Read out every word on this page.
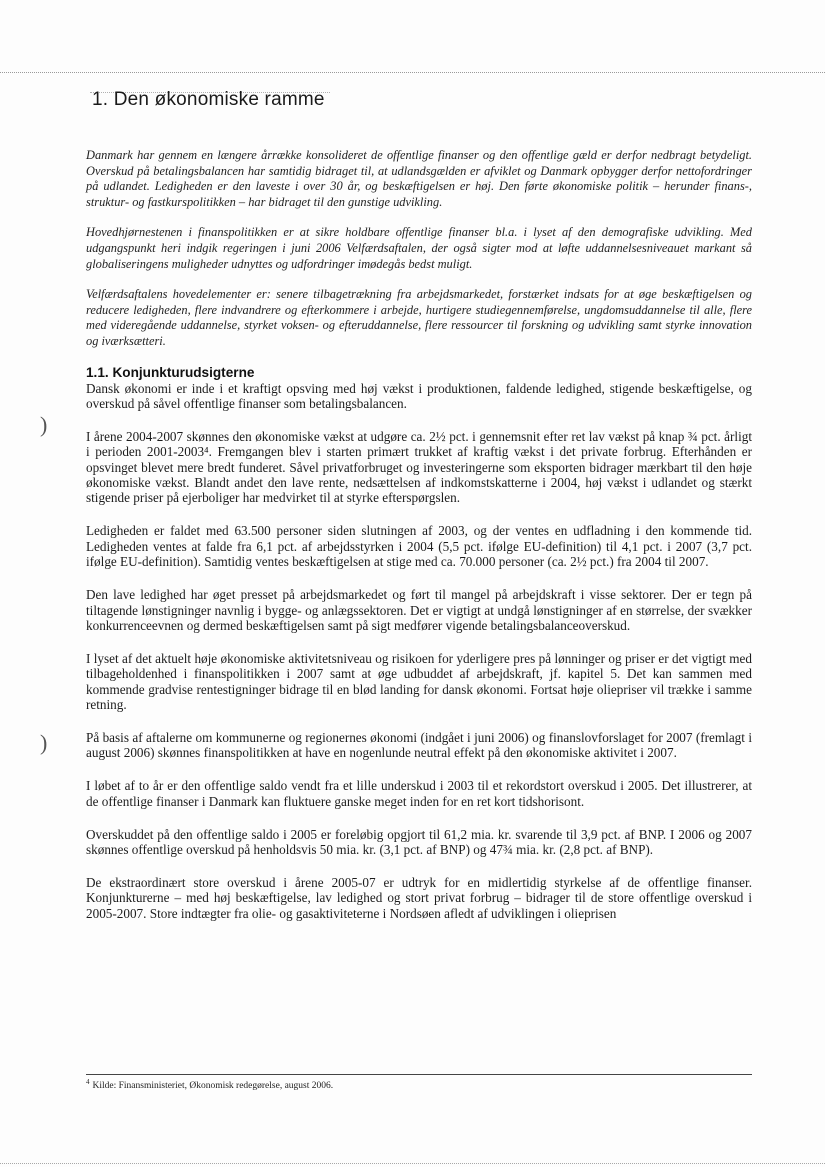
1. Den økonomiske ramme

Danmark har gennem en længere årrække konsolideret de offentlige finanser og den offentlige gæld er derfor nedbragt betydeligt. Overskud på betalingsbalancen har samtidig bidraget til, at udlandsgælden er afviklet og Danmark opbygger derfor nettofordringer på udlandet. Ledigheden er den laveste i over 30 år, og beskæftigelsen er høj. Den førte økonomiske politik – herunder finans-, struktur- og fastkurspolitikken – har bidraget til den gunstige udvikling.

Hovedhjørnestenen i finanspolitikken er at sikre holdbare offentlige finanser bl.a. i lyset af den demografiske udvikling. Med udgangspunkt heri indgik regeringen i juni 2006 Velfærdsaftalen, der også sigter mod at løfte uddannelsesniveauet markant så globaliseringens muligheder udnyttes og udfordringer imødegås bedst muligt.

Velfærdsaftalens hovedelementer er: senere tilbagetrækning fra arbejdsmarkedet, forstærket indsats for at øge beskæftigelsen og reducere ledigheden, flere indvandrere og efterkommere i arbejde, hurtigere studiegennemførelse, ungdomsuddannelse til alle, flere med videregående uddannelse, styrket voksen- og efteruddannelse, flere ressourcer til forskning og udvikling samt styrke innovation og iværksætteri.

1.1. Konjunkturudsigterne

Dansk økonomi er inde i et kraftigt opsving med høj vækst i produktionen, faldende ledighed, stigende beskæftigelse, og overskud på såvel offentlige finanser som betalingsbalancen.

I årene 2004-2007 skønnes den økonomiske vækst at udgøre ca. 2½ pct. i gennemsnit efter ret lav vækst på knap ¾ pct. årligt i perioden 2001-2003⁴. Fremgangen blev i starten primært trukket af kraftig vækst i det private forbrug. Efterhånden er opsvinget blevet mere bredt funderet. Såvel privatforbruget og investeringerne som eksporten bidrager mærkbart til den høje økonomiske vækst. Blandt andet den lave rente, nedsættelsen af indkomstskatterne i 2004, høj vækst i udlandet og stærkt stigende priser på ejerboliger har medvirket til at styrke efterspørgslen.

Ledigheden er faldet med 63.500 personer siden slutningen af 2003, og der ventes en udfladning i den kommende tid. Ledigheden ventes at falde fra 6,1 pct. af arbejdsstyrken i 2004 (5,5 pct. ifølge EU-definition) til 4,1 pct. i 2007 (3,7 pct. ifølge EU-definition). Samtidig ventes beskæftigelsen at stige med ca. 70.000 personer (ca. 2½ pct.) fra 2004 til 2007.

Den lave ledighed har øget presset på arbejdsmarkedet og ført til mangel på arbejdskraft i visse sektorer. Der er tegn på tiltagende lønstigninger navnlig i bygge- og anlægssektoren. Det er vigtigt at undgå lønstigninger af en størrelse, der svækker konkurrenceevnen og dermed beskæftigelsen samt på sigt medfører vigende betalingsbalanceoverskud.

I lyset af det aktuelt høje økonomiske aktivitetsniveau og risikoen for yderligere pres på lønninger og priser er det vigtigt med tilbageholdenhed i finanspolitikken i 2007 samt at øge udbuddet af arbejdskraft, jf. kapitel 5. Det kan sammen med kommende gradvise rentestigninger bidrage til en blød landing for dansk økonomi. Fortsat høje oliepriser vil trække i samme retning.

På basis af aftalerne om kommunerne og regionernes økonomi (indgået i juni 2006) og finanslovforslaget for 2007 (fremlagt i august 2006) skønnes finanspolitikken at have en nogenlunde neutral effekt på den økonomiske aktivitet i 2007.

I løbet af to år er den offentlige saldo vendt fra et lille underskud i 2003 til et rekordstort overskud i 2005. Det illustrerer, at de offentlige finanser i Danmark kan fluktuere ganske meget inden for en ret kort tidshorisont.

Overskuddet på den offentlige saldo i 2005 er foreløbig opgjort til 61,2 mia. kr. svarende til 3,9 pct. af BNP. I 2006 og 2007 skønnes offentlige overskud på henholdsvis 50 mia. kr. (3,1 pct. af BNP) og 47¾ mia. kr. (2,8 pct. af BNP).

De ekstraordinært store overskud i årene 2005-07 er udtryk for en midlertidig styrkelse af de offentlige finanser. Konjunkturerne – med høj beskæftigelse, lav ledighed og stort privat forbrug – bidrager til de store offentlige overskud i 2005-2007. Store indtægter fra olie- og gasaktiviteterne i Nordsøen afledt af udviklingen i olieprisen

$^4$ Kilde: Finansministeriet, Økonomisk redegørelse, august 2006.
)
)
